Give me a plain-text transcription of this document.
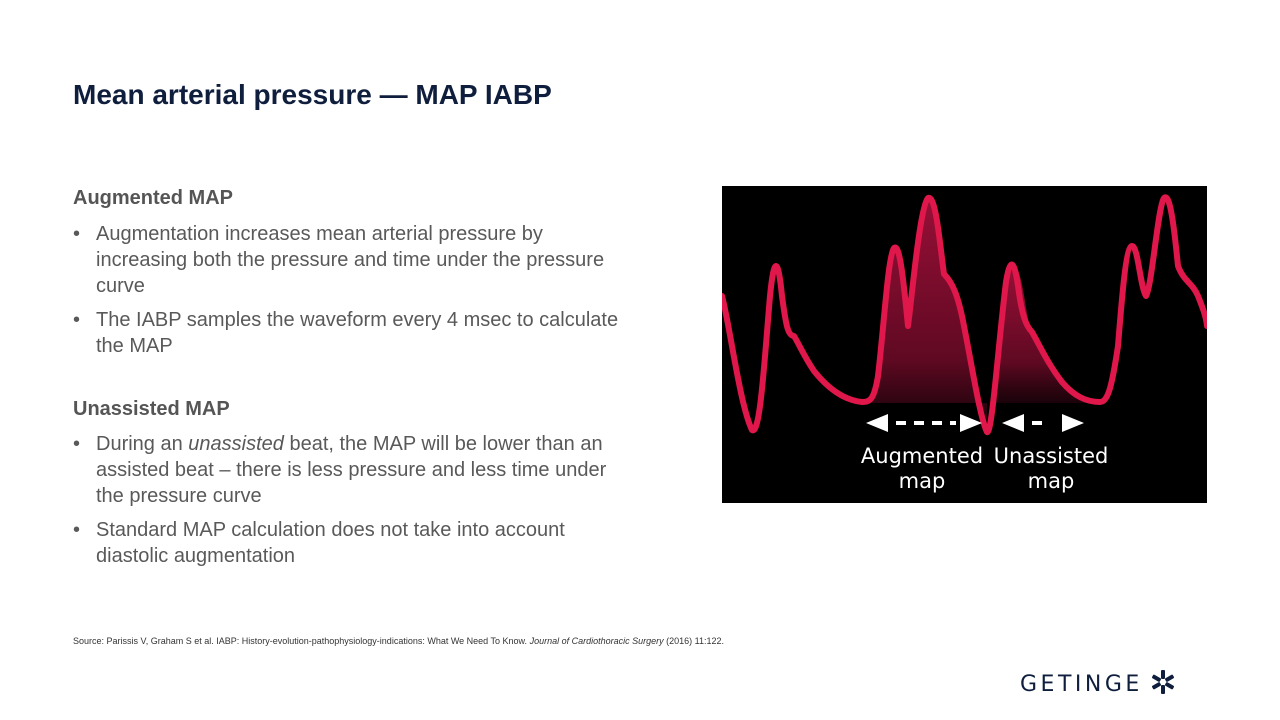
Mean arterial pressure — MAP IABP
Augmented MAP
• Augmentation increases mean arterial pressure by increasing both the pressure and time under the pressure curve
• The IABP samples the waveform every 4 msec to calculate the MAP
Unassisted MAP
• During an unassisted beat, the MAP will be lower than an assisted beat – there is less pressure and less time under the pressure curve
• Standard MAP calculation does not take into account diastolic augmentation
Augmented
map
Unassisted
map
Source: Parissis V, Graham S et al. IABP: History-evolution-pathophysiology-indications: What We Need To Know. Journal of Cardiothoracic Surgery (2016) 11:122.
GETINGE
